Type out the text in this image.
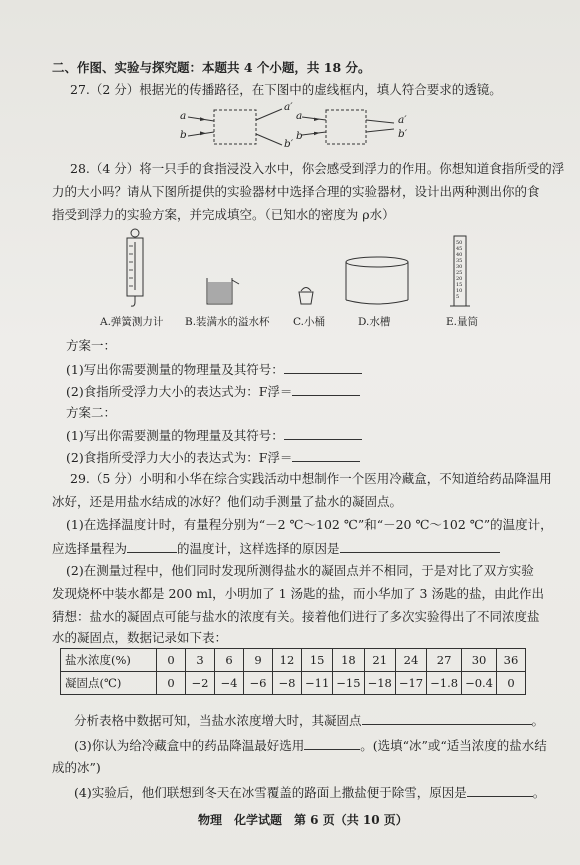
二、作图、实验与探究题：本题共 4 个小题，共 18 分。
27.（2 分）根据光的传播路径，在下图中的虚线框内，填人符合要求的透镜。
a
b
a′
b′
a
b
a′
b′
28.（4 分）将一只手的食指浸没入水中，你会感受到浮力的作用。你想知道食指所受的浮
力的大小吗？请从下图所提供的实验器材中选择合理的实验器材，设计出两种测出你的食
指受到浮力的实验方案，并完成填空。（已知水的密度为 ρ水）
50
45
40
35
30
25
20
15
10
5
A.弹簧测力计 B.装满水的溢水杯 C.小桶	D.水槽	E.量筒
方案一：
(1)写出你需要测量的物理量及其符号：
(2)食指所受浮力大小的表达式为：F浮＝
方案二：
(1)写出你需要测量的物理量及其符号：
(2)食指所受浮力大小的表达式为：F浮＝
29.（5 分）小明和小华在综合实践活动中想制作一个医用冷藏盒，不知道给药品降温用
冰好，还是用盐水结成的冰好？他们动手测量了盐水的凝固点。
(1)在选择温度计时，有量程分别为“－2 ℃～102 ℃”和“－20 ℃～102 ℃”的温度计，
应选择量程为	的温度计，这样选择的原因是
(2)在测量过程中，他们同时发现所测得盐水的凝固点并不相同，于是对比了双方实验
发现烧杯中装水都是 200 ml，小明加了 1 汤匙的盐，而小华加了 3 汤匙的盐，由此作出
猜想：盐水的凝固点可能与盐水的浓度有关。接着他们进行了多次实验得出了不同浓度盐
水的凝固点，数据记录如下表：
盐水浓度(%)	0	3	6	9	12	15	18	21	24	27	30	36
凝固点(℃)	0	−2	−4	−6	−8	−11	−15	−18	−17	−1.8	−0.4	0
分析表格中数据可知，当盐水浓度增大时，其凝固点	。
(3)你认为给冷藏盒中的药品降温最好选用	。(选填“冰”或“适当浓度的盐水结
成的冰”)
(4)实验后，他们联想到冬天在冰雪覆盖的路面上撒盐便于除雪，原因是	。
物理　化学试题　第 6 页（共 10 页）
